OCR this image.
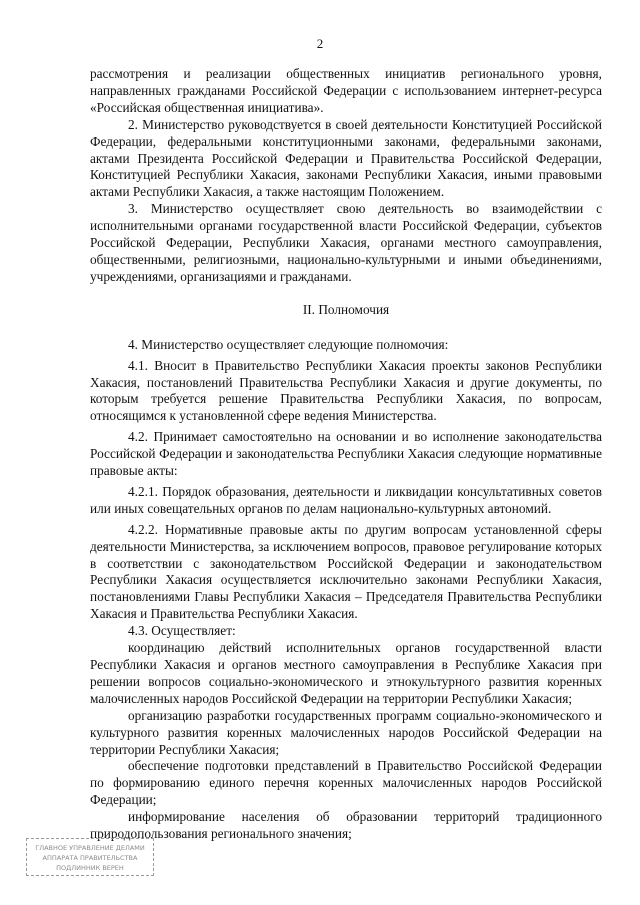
2

рассмотрения и реализации общественных инициатив регионального уровня, направленных гражданами Российской Федерации с использованием интернет-ресурса «Российская общественная инициатива».

2. Министерство руководствуется в своей деятельности Конституцией Российской Федерации, федеральными конституционными законами, федеральными законами, актами Президента Российской Федерации и Правительства Российской Федерации, Конституцией Республики Хакасия, законами Республики Хакасия, иными правовыми актами Республики Хакасия, а также настоящим Положением.

3. Министерство осуществляет свою деятельность во взаимодействии с исполнительными органами государственной власти Российской Федерации, субъектов Российской Федерации, Республики Хакасия, органами местного самоуправления, общественными, религиозными, национально-культурными и иными объединениями, учреждениями, организациями и гражданами.

II. Полномочия

4. Министерство осуществляет следующие полномочия:

4.1. Вносит в Правительство Республики Хакасия проекты законов Республики Хакасия, постановлений Правительства Республики Хакасия и другие документы, по которым требуется решение Правительства Республики Хакасия, по вопросам, относящимся к установленной сфере ведения Министерства.

4.2. Принимает самостоятельно на основании и во исполнение законодательства Российской Федерации и законодательства Республики Хакасия следующие нормативные правовые акты:

4.2.1. Порядок образования, деятельности и ликвидации консультативных советов или иных совещательных органов по делам национально-культурных автономий.

4.2.2. Нормативные правовые акты по другим вопросам установленной сферы деятельности Министерства, за исключением вопросов, правовое регулирование которых в соответствии с законодательством Российской Федерации и законодательством Республики Хакасия осуществляется исключительно законами Республики Хакасия, постановлениями Главы Республики Хакасия – Председателя Правительства Республики Хакасия и Правительства Республики Хакасия.

4.3. Осуществляет:

координацию действий исполнительных органов государственной власти Республики Хакасия и органов местного самоуправления в Республике Хакасия при решении вопросов социально-экономического и этнокультурного развития коренных малочисленных народов Российской Федерации на территории Республики Хакасия;

организацию разработки государственных программ социально-экономического и культурного развития коренных малочисленных народов Российской Федерации на территории Республики Хакасия;

обеспечение подготовки представлений в Правительство Российской Федерации по формированию единого перечня коренных малочисленных народов Российской Федерации;

информирование населения об образовании территорий традиционного природопользования регионального значения;

ГЛАВНОЕ УПРАВЛЕНИЕ ДЕЛАМИ
АППАРАТА ПРАВИТЕЛЬСТВА
ПОДЛИННИК ВЕРЕН
